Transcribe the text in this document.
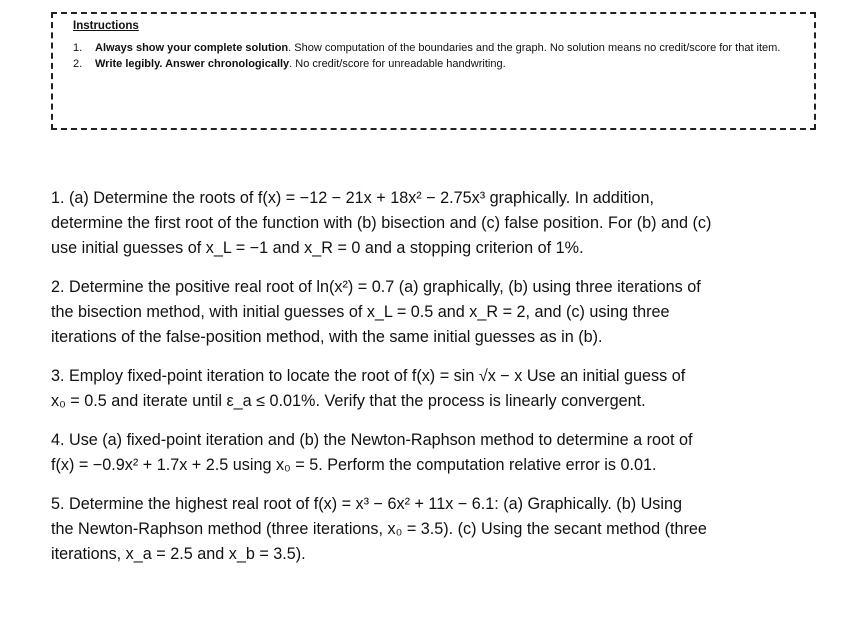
Instructions
1.	Always show your complete solution. Show computation of the boundaries and the graph. No solution means no credit/score for that item.
2.	Write legibly. Answer chronologically. No credit/score for unreadable handwriting.
1. (a) Determine the roots of f(x) = −12 − 21x + 18x² − 2.75x³ graphically. In addition,
determine the first root of the function with (b) bisection and (c) false position. For (b) and (c)
use initial guesses of x_L = −1 and x_R = 0 and a stopping criterion of 1%.
2. Determine the positive real root of ln(x²) = 0.7 (a) graphically, (b) using three iterations of
the bisection method, with initial guesses of x_L = 0.5 and x_R = 2, and (c) using three
iterations of the false-position method, with the same initial guesses as in (b).
3. Employ fixed-point iteration to locate the root of f(x) = sin √x − x Use an initial guess of
x₀ = 0.5 and iterate until ε_a ≤ 0.01%. Verify that the process is linearly convergent.
4. Use (a) fixed-point iteration and (b) the Newton-Raphson method to determine a root of
f(x) = −0.9x² + 1.7x + 2.5 using x₀ = 5. Perform the computation relative error is 0.01.
5. Determine the highest real root of f(x) = x³ − 6x² + 11x − 6.1: (a) Graphically. (b) Using
the Newton-Raphson method (three iterations, x₀ = 3.5). (c) Using the secant method (three
iterations, x_a = 2.5 and x_b = 3.5).
